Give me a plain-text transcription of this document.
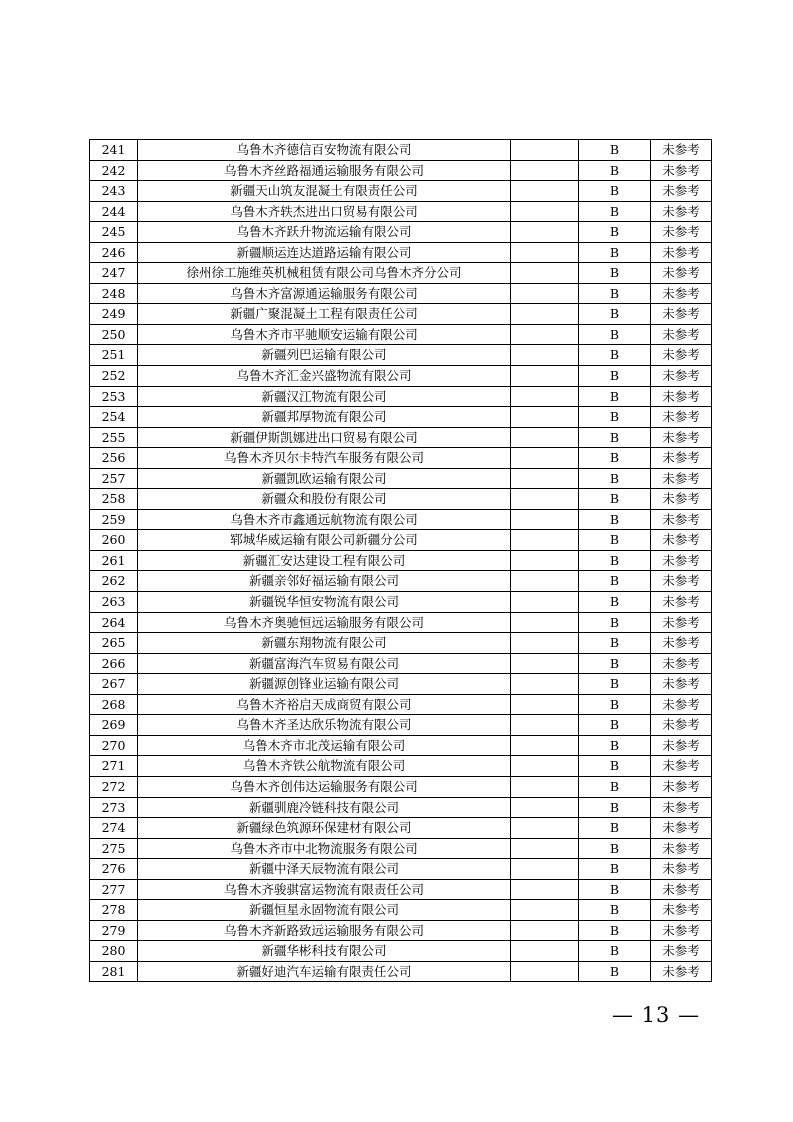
241	乌鲁木齐德信百安物流有限公司		B	未参考
242	乌鲁木齐丝路福通运输服务有限公司		B	未参考
243	新疆天山筑友混凝土有限责任公司		B	未参考
244	乌鲁木齐轶杰进出口贸易有限公司		B	未参考
245	乌鲁木齐跃升物流运输有限公司		B	未参考
246	新疆顺运连达道路运输有限公司		B	未参考
247	徐州徐工施维英机械租赁有限公司乌鲁木齐分公司		B	未参考
248	乌鲁木齐富源通运输服务有限公司		B	未参考
249	新疆广聚混凝土工程有限责任公司		B	未参考
250	乌鲁木齐市平驰顺安运输有限公司		B	未参考
251	新疆列巴运输有限公司		B	未参考
252	乌鲁木齐汇金兴盛物流有限公司		B	未参考
253	新疆汉江物流有限公司		B	未参考
254	新疆邦厚物流有限公司		B	未参考
255	新疆伊斯凯娜进出口贸易有限公司		B	未参考
256	乌鲁木齐贝尔卡特汽车服务有限公司		B	未参考
257	新疆凯欧运输有限公司		B	未参考
258	新疆众和股份有限公司		B	未参考
259	乌鲁木齐市鑫通远航物流有限公司		B	未参考
260	郓城华威运输有限公司新疆分公司		B	未参考
261	新疆汇安达建设工程有限公司		B	未参考
262	新疆亲邻好福运输有限公司		B	未参考
263	新疆锐华恒安物流有限公司		B	未参考
264	乌鲁木齐奥驰恒远运输服务有限公司		B	未参考
265	新疆东翔物流有限公司		B	未参考
266	新疆富海汽车贸易有限公司		B	未参考
267	新疆源创锋业运输有限公司		B	未参考
268	乌鲁木齐裕启天成商贸有限公司		B	未参考
269	乌鲁木齐圣达欣乐物流有限公司		B	未参考
270	乌鲁木齐市北茂运输有限公司		B	未参考
271	乌鲁木齐铁公航物流有限公司		B	未参考
272	乌鲁木齐创伟达运输服务有限公司		B	未参考
273	新疆驯鹿冷链科技有限公司		B	未参考
274	新疆绿色筑源环保建材有限公司		B	未参考
275	乌鲁木齐市中北物流服务有限公司		B	未参考
276	新疆中泽天辰物流有限公司		B	未参考
277	乌鲁木齐骏骐富运物流有限责任公司		B	未参考
278	新疆恒星永固物流有限公司		B	未参考
279	乌鲁木齐新路致远运输服务有限公司		B	未参考
280	新疆华彬科技有限公司		B	未参考
281	新疆好迪汽车运输有限责任公司		B	未参考
— 13 —
